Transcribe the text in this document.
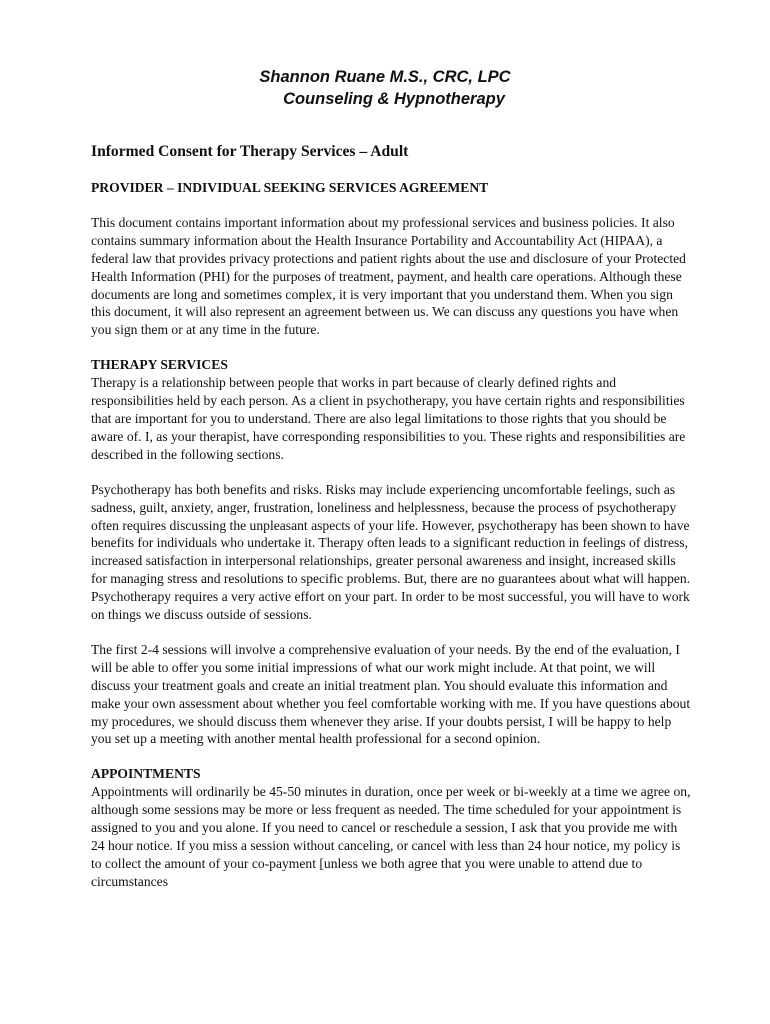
Shannon Ruane M.S., CRC, LPC
Counseling & Hypnotherapy
Informed Consent for Therapy Services – Adult
PROVIDER – INDIVIDUAL SEEKING SERVICES AGREEMENT

This document contains important information about my professional services and business policies. It also contains summary information about the Health Insurance Portability and Accountability Act (HIPAA), a federal law that provides privacy protections and patient rights about the use and disclosure of your Protected Health Information (PHI) for the purposes of treatment, payment, and health care operations. Although these documents are long and sometimes complex, it is very important that you understand them. When you sign this document, it will also represent an agreement between us. We can discuss any questions you have when you sign them or at any time in the future.

THERAPY SERVICES

Therapy is a relationship between people that works in part because of clearly defined rights and responsibilities held by each person. As a client in psychotherapy, you have certain rights and responsibilities that are important for you to understand. There are also legal limitations to those rights that you should be aware of. I, as your therapist, have corresponding responsibilities to you. These rights and responsibilities are described in the following sections.

Psychotherapy has both benefits and risks. Risks may include experiencing uncomfortable feelings, such as sadness, guilt, anxiety, anger, frustration, loneliness and helplessness, because the process of psychotherapy often requires discussing the unpleasant aspects of your life. However, psychotherapy has been shown to have benefits for individuals who undertake it. Therapy often leads to a significant reduction in feelings of distress, increased satisfaction in interpersonal relationships, greater personal awareness and insight, increased skills for managing stress and resolutions to specific problems. But, there are no guarantees about what will happen. Psychotherapy requires a very active effort on your part. In order to be most successful, you will have to work on things we discuss outside of sessions.

The first 2-4 sessions will involve a comprehensive evaluation of your needs. By the end of the evaluation, I will be able to offer you some initial impressions of what our work might include. At that point, we will discuss your treatment goals and create an initial treatment plan. You should evaluate this information and make your own assessment about whether you feel comfortable working with me. If you have questions about my procedures, we should discuss them whenever they arise. If your doubts persist, I will be happy to help you set up a meeting with another mental health professional for a second opinion.

APPOINTMENTS

Appointments will ordinarily be 45-50 minutes in duration, once per week or bi-weekly at a time we agree on, although some sessions may be more or less frequent as needed. The time scheduled for your appointment is assigned to you and you alone. If you need to cancel or reschedule a session, I ask that you provide me with 24 hour notice. If you miss a session without canceling, or cancel with less than 24 hour notice, my policy is to collect the amount of your co-payment [unless we both agree that you were unable to attend due to circumstances
